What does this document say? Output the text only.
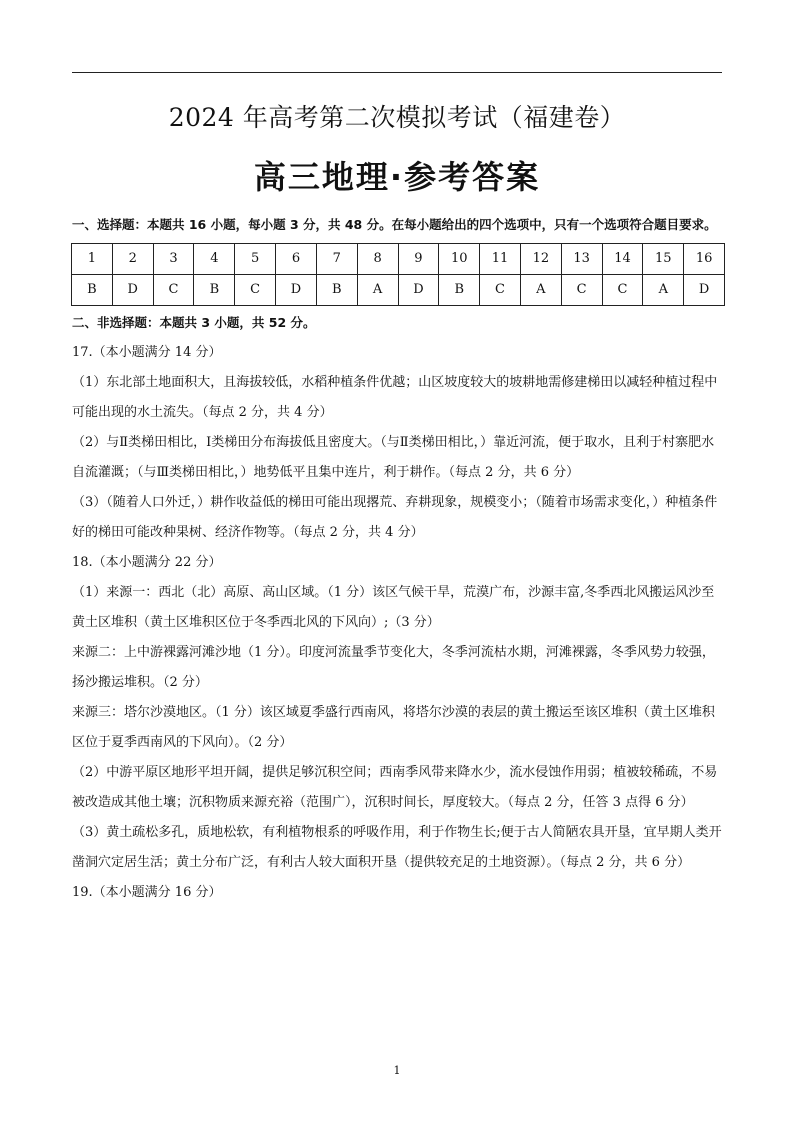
2024 年高考第二次模拟考试（福建卷）
高三地理·参考答案
一、选择题：本题共 16 小题，每小题 3 分，共 48 分。在每小题给出的四个选项中，只有一个选项符合题目要求。
1	2	3	4	5	6	7	8	9	10	11	12	13	14	15	16
B	D	C	B	C	D	B	A	D	B	C	A	C	C	A	D
二、非选择题：本题共 3 小题，共 52 分。

17.（本小题满分 14 分）

（1）东北部土地面积大，且海拔较低，水稻种植条件优越；山区坡度较大的坡耕地需修建梯田以减轻种植过程中可能出现的水土流失。（每点 2 分，共 4 分）

（2）与Ⅱ类梯田相比，Ⅰ类梯田分布海拔低且密度大。（与Ⅱ类梯田相比，）靠近河流，便于取水，且利于村寨肥水自流灌溉；（与Ⅲ类梯田相比，）地势低平且集中连片，利于耕作。（每点 2 分，共 6 分）

（3）（随着人口外迁，）耕作收益低的梯田可能出现撂荒、弃耕现象，规模变小；（随着市场需求变化，）种植条件好的梯田可能改种果树、经济作物等。（每点 2 分，共 4 分）

18.（本小题满分 22 分）

（1）来源一：西北（北）高原、高山区域。（1 分）该区气候干旱，荒漠广布，沙源丰富,冬季西北风搬运风沙至黄土区堆积（黄土区堆积区位于冬季西北风的下风向）;（3 分）

来源二：上中游裸露河滩沙地（1 分）。印度河流量季节变化大，冬季河流枯水期，河滩裸露，冬季风势力较强，扬沙搬运堆积。（2 分）

来源三：塔尔沙漠地区。（1 分）该区域夏季盛行西南风，将塔尔沙漠的表层的黄土搬运至该区堆积（黄土区堆积区位于夏季西南风的下风向）。（2 分）

（2）中游平原区地形平坦开阔，提供足够沉积空间；西南季风带来降水少，流水侵蚀作用弱；植被较稀疏，不易被改造成其他土壤；沉积物质来源充裕（范围广），沉积时间长，厚度较大。（每点 2 分，任答 3 点得 6 分）

（3）黄土疏松多孔，质地松软，有利植物根系的呼吸作用，利于作物生长;便于古人简陋农具开垦，宜早期人类开凿洞穴定居生活；黄土分布广泛，有利古人较大面积开垦（提供较充足的土地资源）。（每点 2 分，共 6 分）

19.（本小题满分 16 分）

1
